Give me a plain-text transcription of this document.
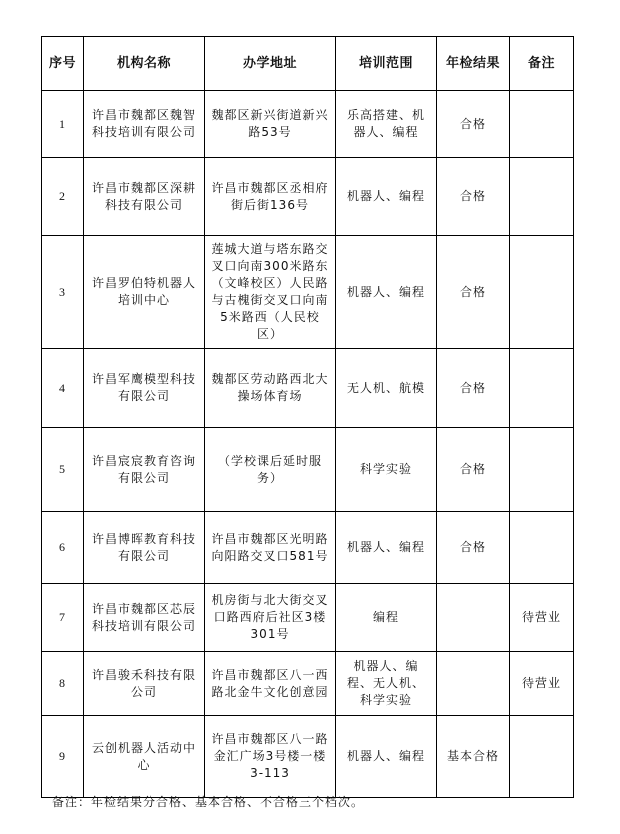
序号	机构名称	办学地址	培训范围	年检结果	备注
1	许昌市魏都区魏智科技培训有限公司	魏都区新兴街道新兴路53号	乐高搭建、机器人、编程	合格	
2	许昌市魏都区深耕科技有限公司	许昌市魏都区丞相府街后街136号	机器人、编程	合格	
3	许昌罗伯特机器人培训中心	莲城大道与塔东路交叉口向南300米路东（文峰校区）人民路与古槐街交叉口向南5米路西（人民校区）	机器人、编程	合格	
4	许昌军鹰模型科技有限公司	魏都区劳动路西北大操场体育场	无人机、航模	合格	
5	许昌宸宸教育咨询有限公司	（学校课后延时服务）	科学实验	合格	
6	许昌博晖教育科技有限公司	许昌市魏都区光明路向阳路交叉口581号	机器人、编程	合格	
7	许昌市魏都区芯辰科技培训有限公司	机房街与北大街交叉口路西府后社区3楼301号	编程		待营业
8	许昌骏禾科技有限公司	许昌市魏都区八一西路北金牛文化创意园	机器人、编程、无人机、科学实验		待营业
9	云创机器人活动中心	许昌市魏都区八一路金汇广场3号楼一楼3-113	机器人、编程	基本合格	
备注：年检结果分合格、基本合格、不合格三个档次。
